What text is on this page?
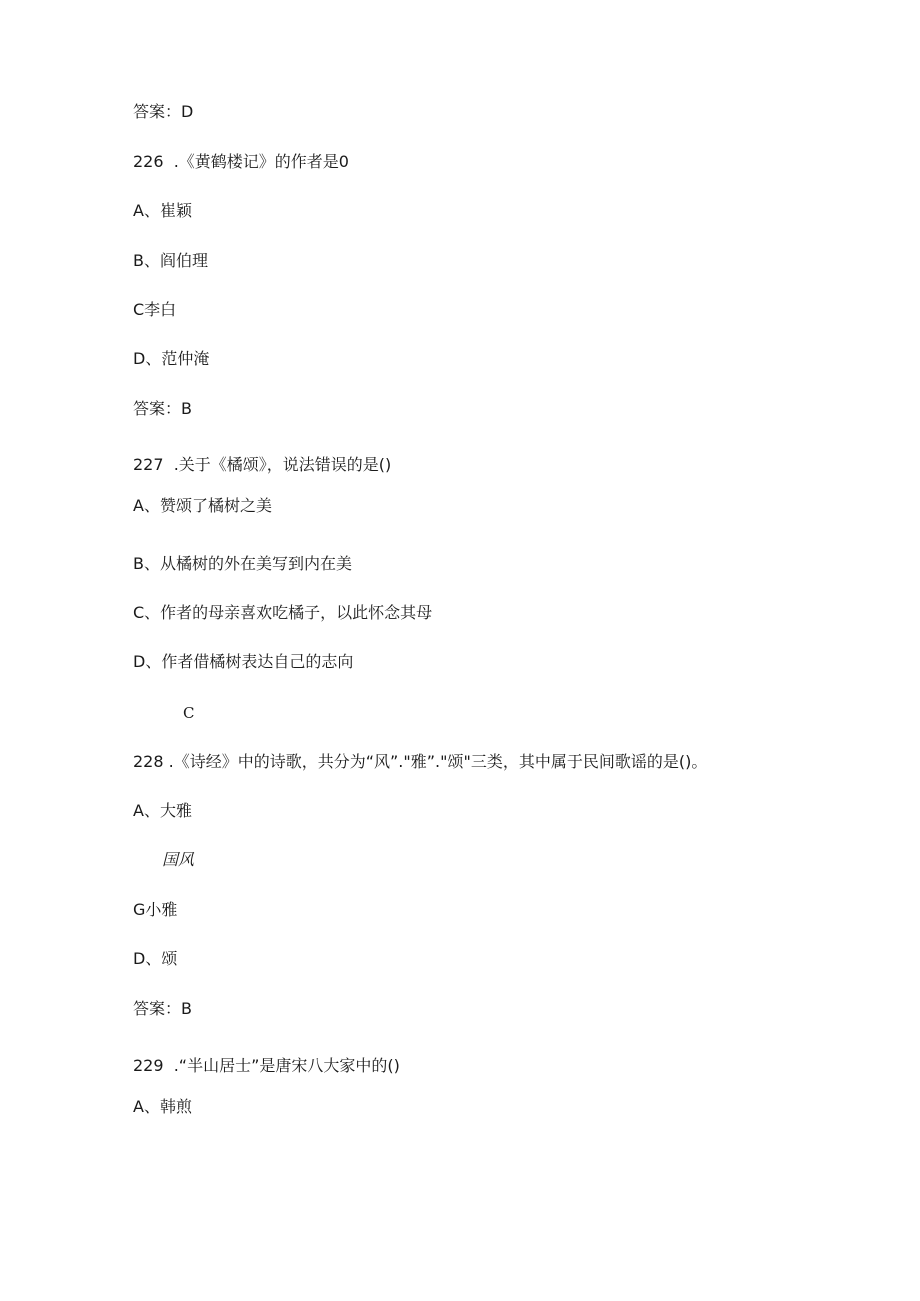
答案：D
226  .《黄鹤楼记》的作者是0
A、崔颖
B、阎伯理
C李白
D、范仲淹
答案：B
227  .关于《橘颂》，说法错误的是()
A、赞颂了橘树之美
B、从橘树的外在美写到内在美
C、作者的母亲喜欢吃橘子，以此怀念其母
D、作者借橘树表达自己的志向
C
228 .《诗经》中的诗歌，共分为“风”."雅”."颂"三类，其中属于民间歌谣的是()。
A、大雅
国风
G小雅
D、颂
答案：B
229  .“半山居士”是唐宋八大家中的()
A、韩煎
